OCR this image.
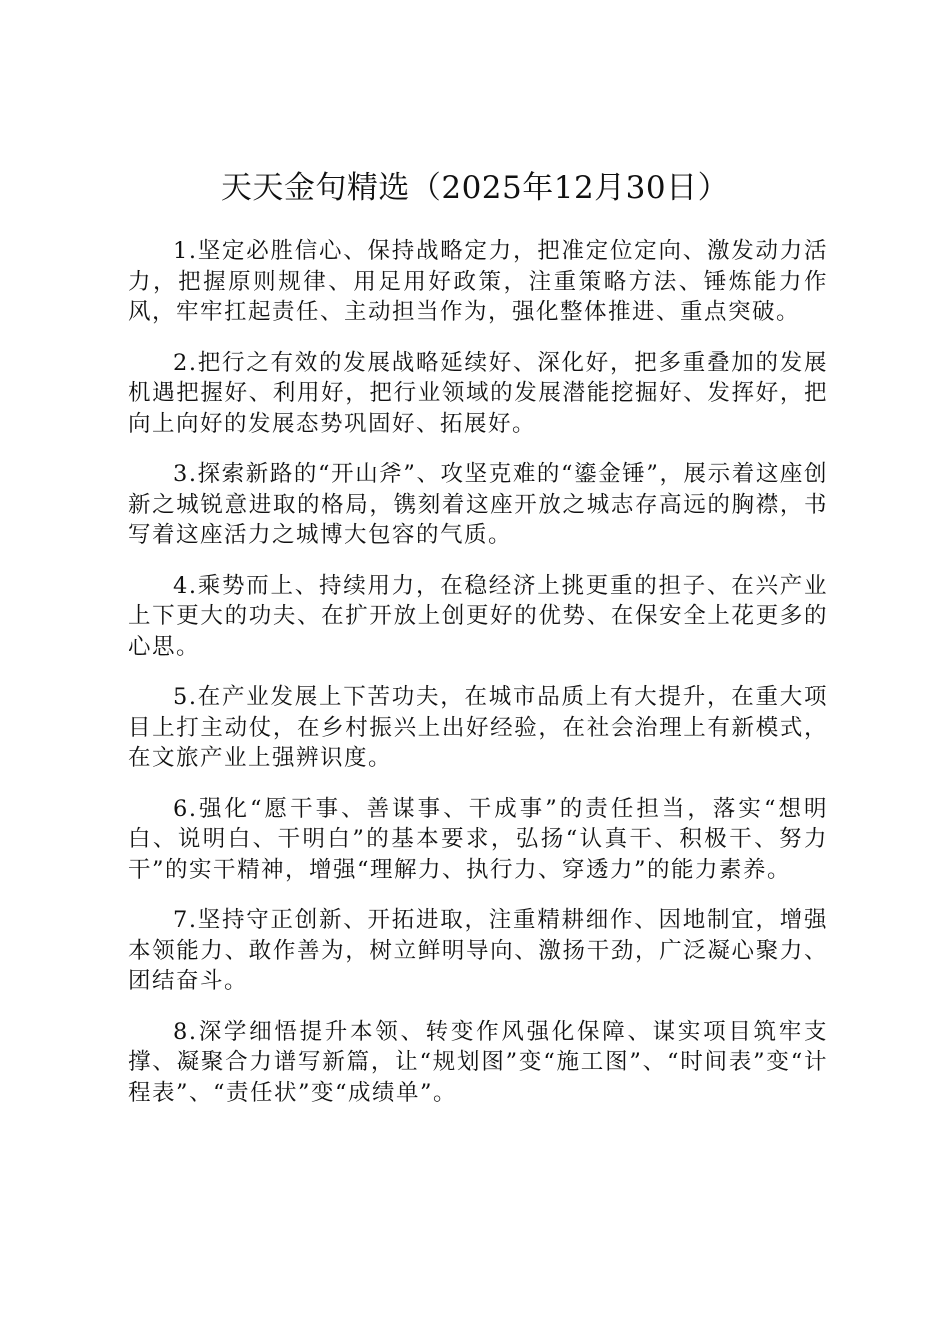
天天金句精选（2025年12月30日）

1.坚定必胜信心、保持战略定力，把准定位定向、激发动力活力，把握原则规律、用足用好政策，注重策略方法、锤炼能力作风，牢牢扛起责任、主动担当作为，强化整体推进、重点突破。

2.把行之有效的发展战略延续好、深化好，把多重叠加的发展机遇把握好、利用好，把行业领域的发展潜能挖掘好、发挥好，把向上向好的发展态势巩固好、拓展好。

3.探索新路的“开山斧”、攻坚克难的“鎏金锤”，展示着这座创新之城锐意进取的格局，镌刻着这座开放之城志存高远的胸襟，书写着这座活力之城博大包容的气质。

4.乘势而上、持续用力，在稳经济上挑更重的担子、在兴产业上下更大的功夫、在扩开放上创更好的优势、在保安全上花更多的心思。

5.在产业发展上下苦功夫，在城市品质上有大提升，在重大项目上打主动仗，在乡村振兴上出好经验，在社会治理上有新模式，在文旅产业上强辨识度。

6.强化“愿干事、善谋事、干成事”的责任担当，落实“想明白、说明白、干明白”的基本要求，弘扬“认真干、积极干、努力干”的实干精神，增强“理解力、执行力、穿透力”的能力素养。

7.坚持守正创新、开拓进取，注重精耕细作、因地制宜，增强本领能力、敢作善为，树立鲜明导向、激扬干劲，广泛凝心聚力、团结奋斗。

8.深学细悟提升本领、转变作风强化保障、谋实项目筑牢支撑、凝聚合力谱写新篇，让“规划图”变“施工图”、“时间表”变“计程表”、“责任状”变“成绩单”。
